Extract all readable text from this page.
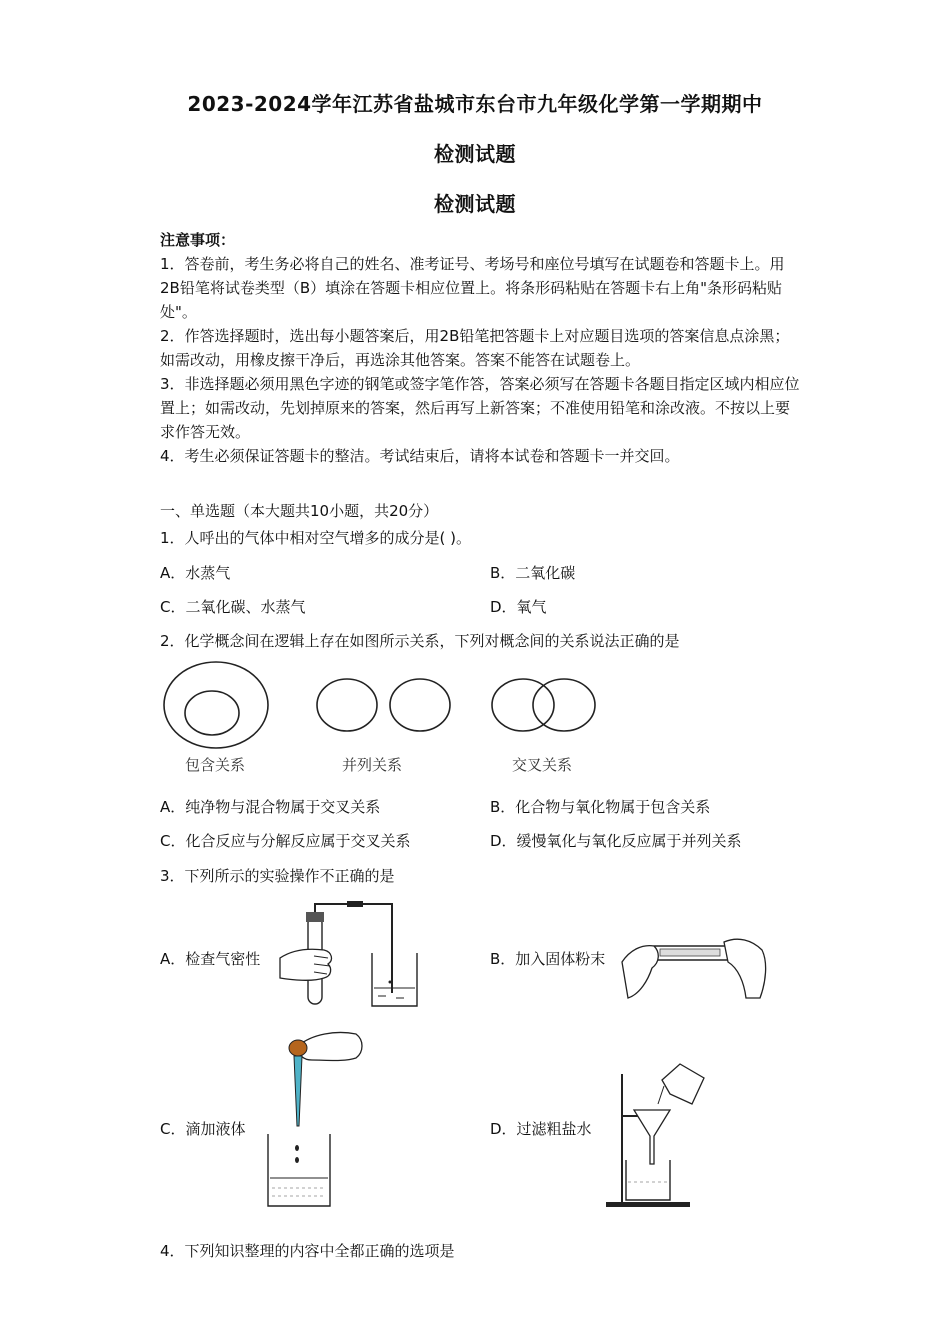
2023-2024学年江苏省盐城市东台市九年级化学第一学期期中
检测试题
检测试题

注意事项：

1．答卷前，考生务必将自己的姓名、准考证号、考场号和座位号填写在试题卷和答题卡上。用2B铅笔将试卷类型（B）填涂在答题卡相应位置上。将条形码粘贴在答题卡右上角"条形码粘贴处"。

2．作答选择题时，选出每小题答案后，用2B铅笔把答题卡上对应题目选项的答案信息点涂黑；如需改动，用橡皮擦干净后，再选涂其他答案。答案不能答在试题卷上。

3．非选择题必须用黑色字迹的钢笔或签字笔作答，答案必须写在答题卡各题目指定区域内相应位置上；如需改动，先划掉原来的答案，然后再写上新答案；不准使用铅笔和涂改液。不按以上要求作答无效。

4．考生必须保证答题卡的整洁。考试结束后，请将本试卷和答题卡一并交回。

一、单选题（本大题共10小题，共20分）
1．人呼出的气体中相对空气增多的成分是( )。
A．水蒸气	B．二氧化碳
C．二氧化碳、水蒸气	D．氧气
2．化学概念间在逻辑上存在如图所示关系，下列对概念间的关系说法正确的是
包含关系	并列关系	交叉关系
A．纯净物与混合物属于交叉关系	B．化合物与氧化物属于包含关系
C．化合反应与分解反应属于交叉关系	D．缓慢氧化与氧化反应属于并列关系
3．下列所示的实验操作不正确的是
A．检查气密性	B．加入固体粉末
C．滴加液体	D．过滤粗盐水
4．下列知识整理的内容中全都正确的选项是
